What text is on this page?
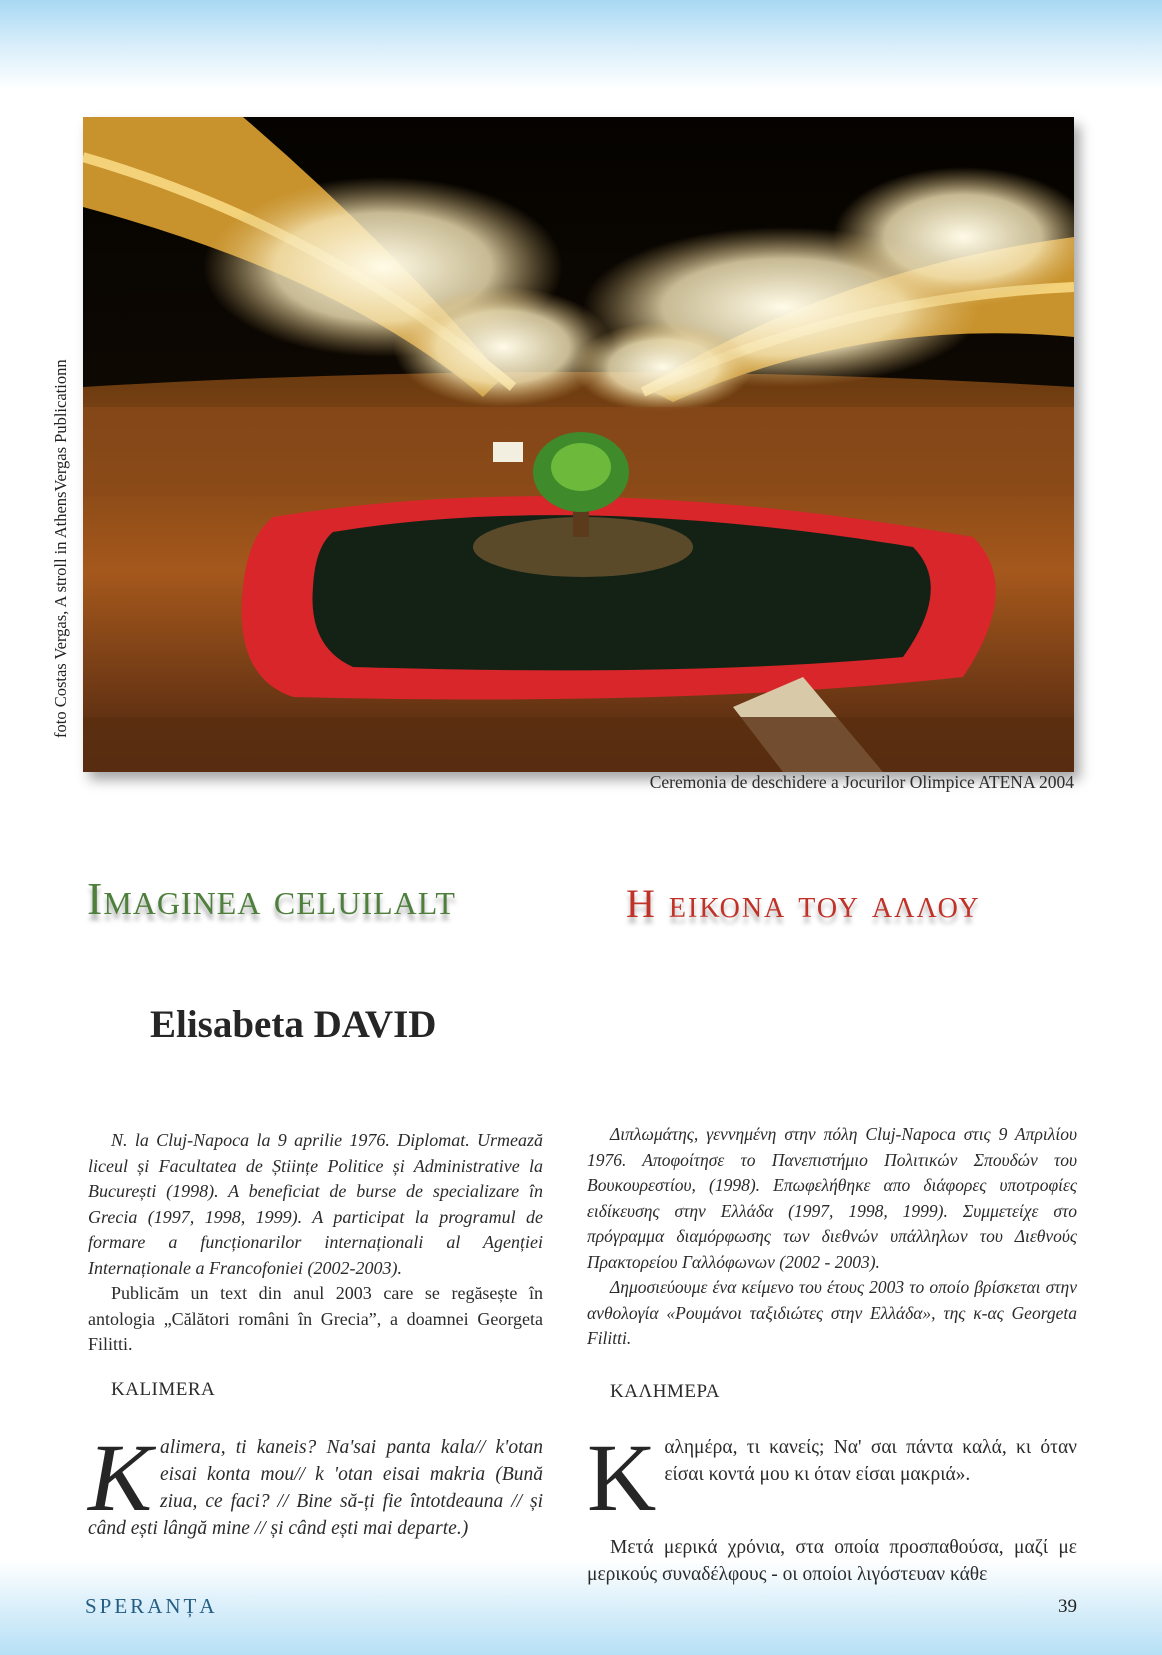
foto Costas Vergas, A stroll in AthensVergas Publicationn
Ceremonia de deschidere a Jocurilor Olimpice ATENA 2004
Imaginea celuilalt	Η εικονα του αλλου
Elisabeta DAVID

N. la Cluj-Napoca la 9 aprilie 1976. Diplomat. Urmează liceul și Facultatea de Științe Politice și Administrative la București (1998). A beneficiat de burse de specializare în Grecia (1997, 1998, 1999). A participat la programul de formare a funcționarilor internaționali al Agenției Internaționale a Francofoniei (2002-2003).

Publicăm un text din anul 2003 care se regăsește în antologia „Călători români în Grecia”, a doamnei Georgeta Filitti.

Διπλωμάτης, γεννημένη στην πόλη Cluj-Napoca στις 9 Απριλίου 1976. Αποφοίτησε το Πανεπιστήμιο Πολιτικών Σπουδών του Βουκουρεστίου, (1998). Επωφελήθηκε απο διάφορες υποτροφίες ειδίκευσης στην Ελλάδα (1997, 1998, 1999). Συμμετείχε στο πρόγραμμα διαμόρφωσης των διεθνών υπάλληλων του Διεθνούς Πρακτορείου Γαλλόφωνων (2002 - 2003).

Δημοσιεύουμε ένα κείμενο του έτους 2003 το οποίο βρίσκεται στην ανθολογία «Ρουμάνοι ταξιδιώτες στην Ελλάδα», της κ-ας Georgeta Filitti.

KALIMERA	ΚΑΛΗΜΕΡΑ

K alimera, ti kaneis? Na'sai panta kala// k'otan eisai konta mou// k 'otan eisai makria (Bună ziua, ce faci? // Bine să-ți fie întotdeauna // și când ești lângă mine // și când ești mai departe.)	Κ αλημέρα, τι κανείς; Να' σαι πάντα καλά, κι όταν είσαι κοντά μου κι όταν είσαι μακριά».

Μετά μερικά χρόνια, στα οποία προσπαθούσα, μαζί με μερικούς συναδέλφους - οι οποίοι λιγόστευαν κάθε

SPERANȚA	39
